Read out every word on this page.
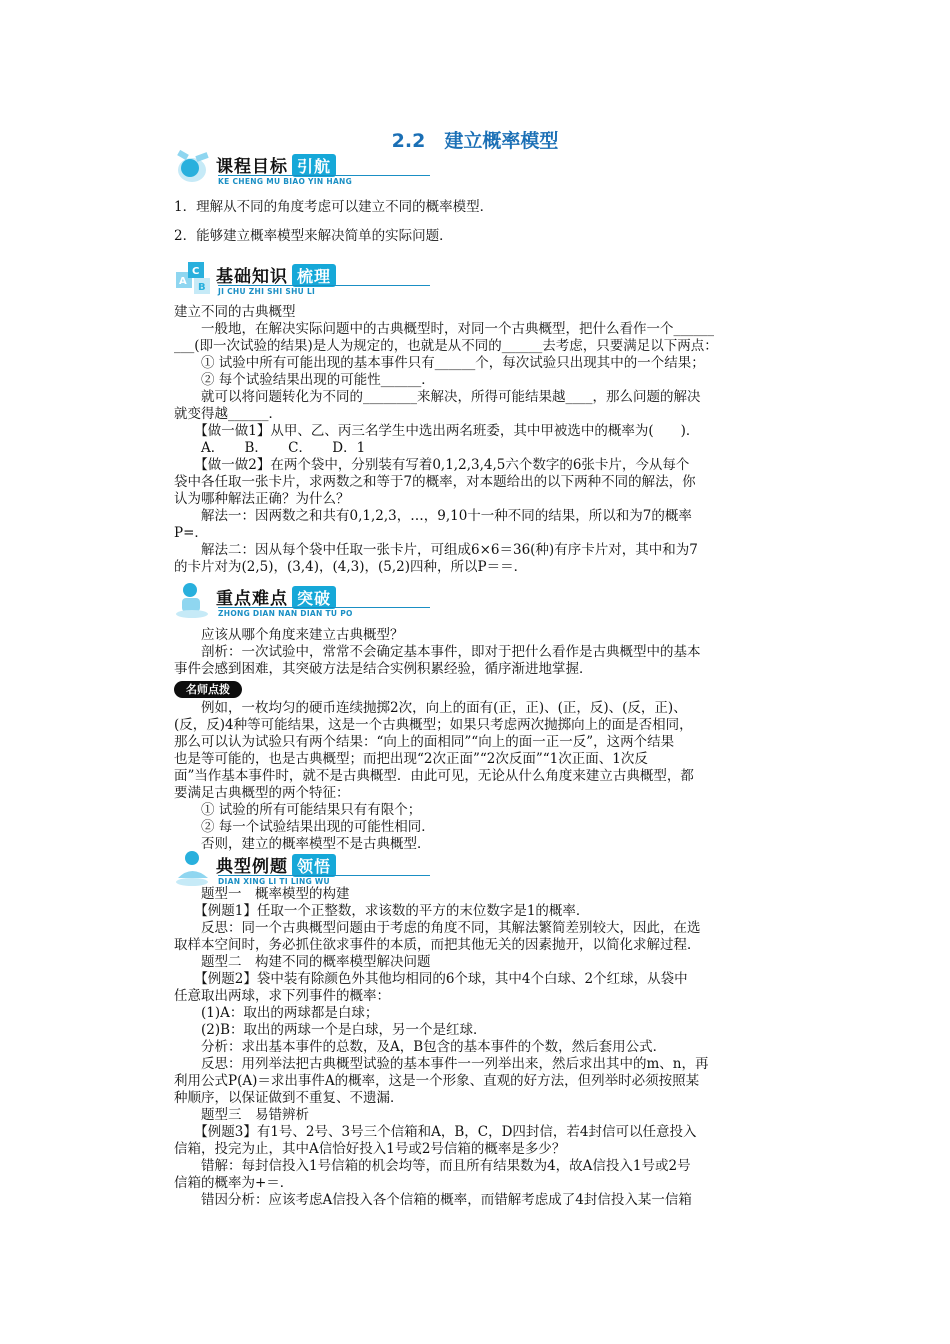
2.2　建立概率模型
课程目标 引航
KE CHENG MU BIAO YIN HANG
C
A
B
基础知识 梳理
JI CHU ZHI SHI SHU LI
重点难点 突破
ZHONG DIAN NAN DIAN TU PO
名师点拨
典型例题 领悟
DIAN XING LI TI LING WU
1．理解从不同的角度考虑可以建立不同的概率模型．
2．能够建立概率模型来解决简单的实际问题．
建立不同的古典概型
　　一般地，在解决实际问题中的古典概型时，对同一个古典概型，把什么看作一个______
___(即一次试验的结果)是人为规定的，也就是从不同的______去考虑，只要满足以下两点：
　　① 试验中所有可能出现的基本事件只有______个，每次试验只出现其中的一个结果；
　　② 每个试验结果出现的可能性______．
　　就可以将问题转化为不同的________来解决，所得可能结果越____，那么问题的解决
就变得越______．
　　【做一做1】从甲、乙、丙三名学生中选出两名班委，其中甲被选中的概率为(　　)．
　　A．　　B．　　C．　　D．1
　　【做一做2】在两个袋中，分别装有写着0,1,2,3,4,5六个数字的6张卡片，今从每个
袋中各任取一张卡片，求两数之和等于7的概率，对本题给出的以下两种不同的解法，你
认为哪种解法正确？为什么？
　　解法一：因两数之和共有0,1,2,3，…，9,10十一种不同的结果，所以和为7的概率
P=．
　　解法二：因从每个袋中任取一张卡片，可组成6×6＝36(种)有序卡片对，其中和为7
的卡片对为(2,5)，(3,4)，(4,3)，(5,2)四种，所以P＝＝．
　　应该从哪个角度来建立古典概型？
　　剖析：一次试验中，常常不会确定基本事件，即对于把什么看作是古典概型中的基本
事件会感到困难，其突破方法是结合实例积累经验，循序渐进地掌握．
　　例如，一枚均匀的硬币连续抛掷2次，向上的面有(正，正)、(正，反)、(反，正)、
(反，反)4种等可能结果，这是一个古典概型；如果只考虑两次抛掷向上的面是否相同，
那么可以认为试验只有两个结果：“向上的面相同”“向上的面一正一反”，这两个结果
也是等可能的，也是古典概型；而把出现“2次正面”“2次反面”“1次正面、1次反
面”当作基本事件时，就不是古典概型．由此可见，无论从什么角度来建立古典概型，都
要满足古典概型的两个特征：
　　① 试验的所有可能结果只有有限个；
　　② 每一个试验结果出现的可能性相同．
　　否则，建立的概率模型不是古典概型．
　　题型一　概率模型的构建
　　【例题1】任取一个正整数，求该数的平方的末位数字是1的概率．
　　反思：同一个古典概型问题由于考虑的角度不同，其解法繁简差别较大，因此，在选
取样本空间时，务必抓住欲求事件的本质，而把其他无关的因素抛开，以简化求解过程．
　　题型二　构建不同的概率模型解决问题
　　【例题2】袋中装有除颜色外其他均相同的6个球，其中4个白球、2个红球，从袋中
任意取出两球，求下列事件的概率：
　　(1)A：取出的两球都是白球；
　　(2)B：取出的两球一个是白球，另一个是红球．
　　分析：求出基本事件的总数，及A，B包含的基本事件的个数，然后套用公式．
　　反思：用列举法把古典概型试验的基本事件一一列举出来，然后求出其中的m、n，再
利用公式P(A)＝求出事件A的概率，这是一个形象、直观的好方法，但列举时必须按照某
种顺序，以保证做到不重复、不遗漏．
　　题型三　易错辨析
　　【例题3】有1号、2号、3号三个信箱和A，B，C，D四封信，若4封信可以任意投入
信箱，投完为止，其中A信恰好投入1号或2号信箱的概率是多少？
　　错解：每封信投入1号信箱的机会均等，而且所有结果数为4，故A信投入1号或2号
信箱的概率为+＝．
　　错因分析：应该考虑A信投入各个信箱的概率，而错解考虑成了4封信投入某一信箱
